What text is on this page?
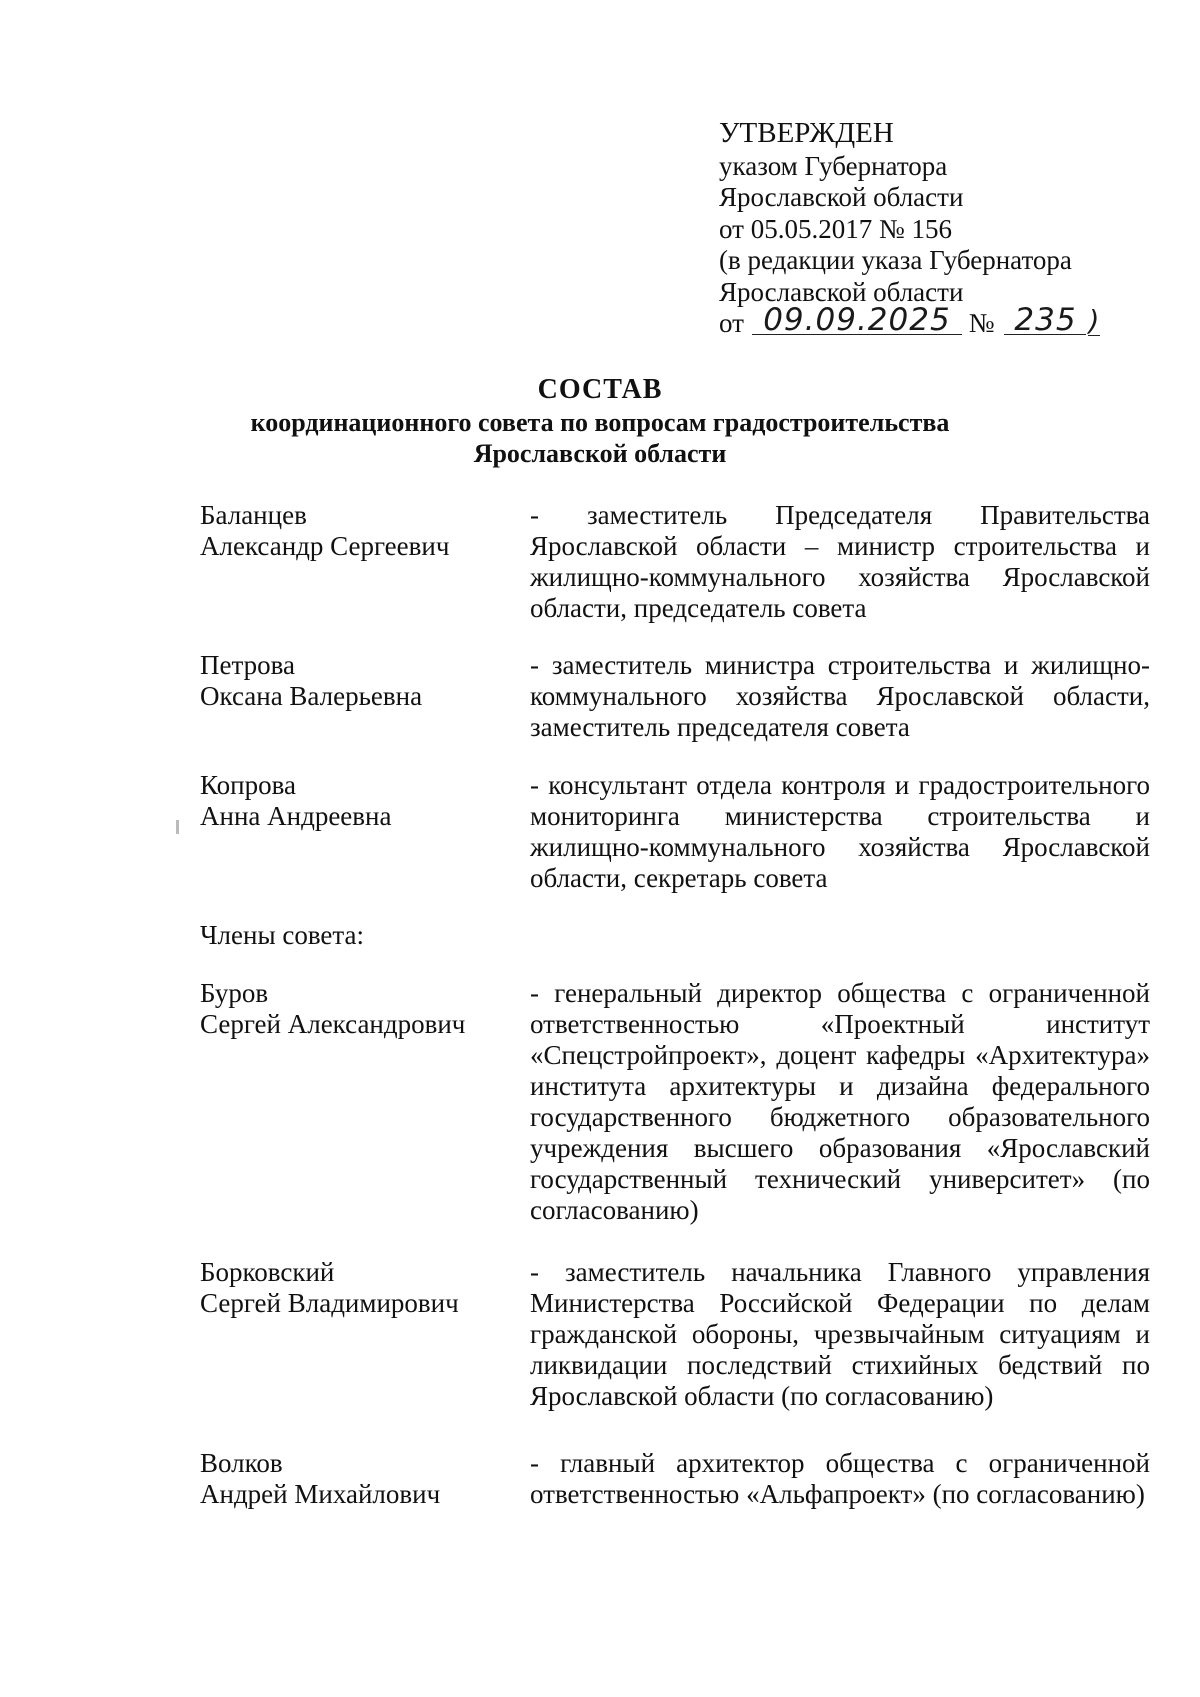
УТВЕРЖДЕН
указом Губернатора
Ярославской области
от 05.05.2017 № 156
(в редакции указа Губернатора
Ярославской области
от 09.09.2025 № 235 )
СОСТАВ
координационного совета по вопросам градостроительства
Ярославской области
Баланцев
Александр Сергеевич
- заместитель Председателя Правительства Ярославской области – министр строительства и жилищно-коммунального хозяйства Ярославской области, председатель совета
Петрова
Оксана Валерьевна
- заместитель министра строительства и жилищно-коммунального хозяйства Ярославской области, заместитель председателя совета
Копрова
Анна Андреевна
- консультант отдела контроля и градостроительного мониторинга министерства строительства и жилищно-коммунального хозяйства Ярославской области, секретарь совета
Члены совета:
Буров
Сергей Александрович
- генеральный директор общества с ограниченной ответственностью «Проектный институт «Спецстройпроект», доцент кафедры «Архитектура» института архитектуры и дизайна федерального государственного бюджетного образовательного учреждения высшего образования «Ярославский государственный технический университет» (по согласованию)
Борковский
Сергей Владимирович
- заместитель начальника Главного управления Министерства Российской Федерации по делам гражданской обороны, чрезвычайным ситуациям и ликвидации последствий стихийных бедствий по Ярославской области (по согласованию)
Волков
Андрей Михайлович
- главный архитектор общества с ограниченной ответственностью «Альфапроект» (по согласованию)
